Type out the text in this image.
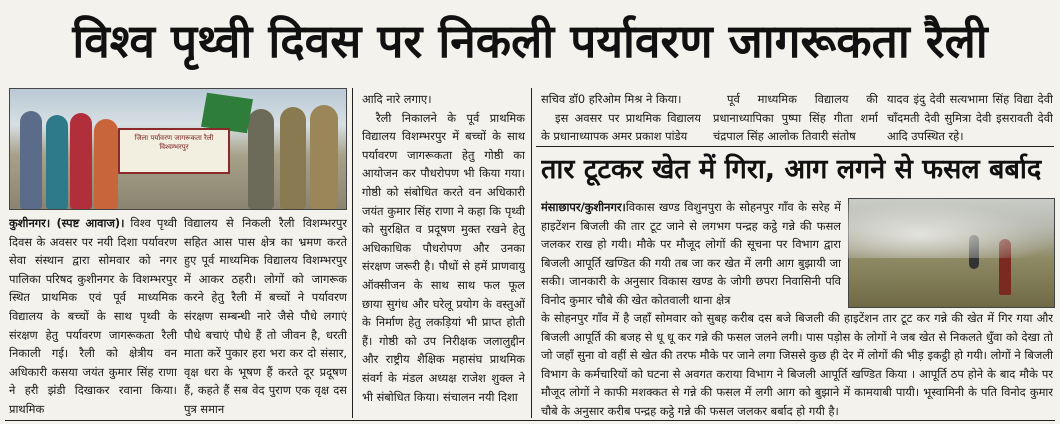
विश्व पृथ्वी दिवस पर निकली पर्यावरण जागरूकता रैली
जिला पर्यावरण जागरूकता रैली विश्वम्भरपुर

कुशीनगर। (स्पष्ट आवाज)। विश्व पृथ्वी दिवस के अवसर पर नयी दिशा पर्यावरण सेवा संस्थान द्वारा सोमवार को नगर पालिका परिषद कुशीनगर के विशम्भरपुर स्थित प्राथमिक एवं पूर्व माध्यमिक विद्यालय के बच्चों के साथ पृथ्वी के संरक्षण हेतु पर्यावरण जागरूकता रैली निकाली गई। रैली को क्षेत्रीय वन अधिकारी कसया जयंत कुमार सिंह राणा ने हरी झंडी दिखाकर रवाना किया। प्राथमिक

विद्यालय से निकली रैली विशम्भरपुर सहित आस पास क्षेत्र का भ्रमण करते हुए पूर्व माध्यमिक विद्यालय विशम्भरपुर में आकर ठहरी। लोगों को जागरूक करने हेतु रैली में बच्चों ने पर्यावरण संरक्षण सम्बन्धी नारे जैसे पौधे लगाएं पौधे बचाएं पौधे हैं तो जीवन है, धरती माता करें पुकार हरा भरा कर दो संसार, वृक्ष धरा के भूषण हैं करते दूर प्रदूषण हैं, कहते हैं सब वेद पुराण एक वृक्ष दस पुत्र समान

आदि नारे लगाए।

रैली निकालने के पूर्व प्राथमिक विद्यालय विशम्भरपुर में बच्चों के साथ पर्यावरण जागरूकता हेतु गोष्ठी का आयोजन कर पौधरोपण भी किया गया। गोष्ठी को संबोधित करते वन अधिकारी जयंत कुमार सिंह राणा ने कहा कि पृथ्वी को सुरक्षित व प्रदूषण मुक्त रखने हेतु अधिकाधिक पौधरोपण और उनका संरक्षण जरूरी है। पौधों से हमें प्राणवायु ऑक्सीजन के साथ साथ फल फूल छाया सुगंध और घरेलू प्रयोग के वस्तुओं के निर्माण हेतु लकड़ियां भी प्राप्त होती हैं। गोष्ठी को उप निरीक्षक जलालुद्दीन और राष्ट्रीय शैक्षिक महासंघ प्राथमिक संवर्ग के मंडल अध्यक्ष राजेश शुक्ल ने भी संबोधित किया। संचालन नयी दिशा

सचिव डॉ0 हरिओम मिश्र ने किया।

इस अवसर पर प्राथमिक विद्यालय के प्रधानाध्यापक अमर प्रकाश पांडेय

पूर्व माध्यमिक विद्यालय की प्रधानाध्यापिका पुष्पा सिंह गीता शर्मा चंद्रपाल सिंह आलोक तिवारी संतोष

यादव इंदु देवी सत्यभामा सिंह विद्या देवी चाँदमती देवी सुमित्रा देवी इसरावती देवी आदि उपस्थित रहे।

तार टूटकर खेत में गिरा, आग लगने से फसल बर्बाद

मंसाछापर/कुशीनगर।विकास खण्ड विशुनपुरा के सोहनपुर गाँव के सरेह में हाइटेंशन बिजली की तार टूट जाने से लगभग पन्द्रह कट्ठे गन्ने की फसल जलकर राख हो गयी। मौके पर मौजूद लोगों की सूचना पर विभाग द्वारा बिजली आपूर्ति खण्डित की गयी तब जा कर खेत में लगी आग बुझायी जा सकी। जानकारी के अनुसार विकास खण्ड के जोगी छपरा निवासिनी पवि विनोद कुमार चौबे की खेत कोतवाली थाना क्षेत्र

के सोहनपुर गाँव में है जहाँ सोमवार को सुबह करीब दस बजे बिजली की हाइटेंशन तार टूट कर गन्ने की खेत में गिर गया और बिजली आपूर्ति की बजह से धू धू कर गन्ने की फसल जलने लगी। पास पड़ोस के लोगों ने जब खेत से निकलते धुँवा को देखा तो जो जहाँ सुना वो वहीं से खेत की तरफ मौके पर जाने लगा जिससे कुछ ही देर में लोगों की भीड़ इकट्ठी हो गयी। लोगों ने बिजली विभाग के कर्मचारियों को घटना से अवगत कराया विभाग ने बिजली आपूर्ति खण्डित किया । आपूर्ति ठप होने के बाद मौके पर मौजूद लोगों ने काफी मशक्कत से गन्ने की फसल में लगी आग को बुझाने में कामयाबी पायी। भूस्वामिनी के पति विनोद कुमार चौबे के अनुसार करीब पन्द्रह कट्ठे गन्ने की फसल जलकर बर्बाद हो गयी है।
